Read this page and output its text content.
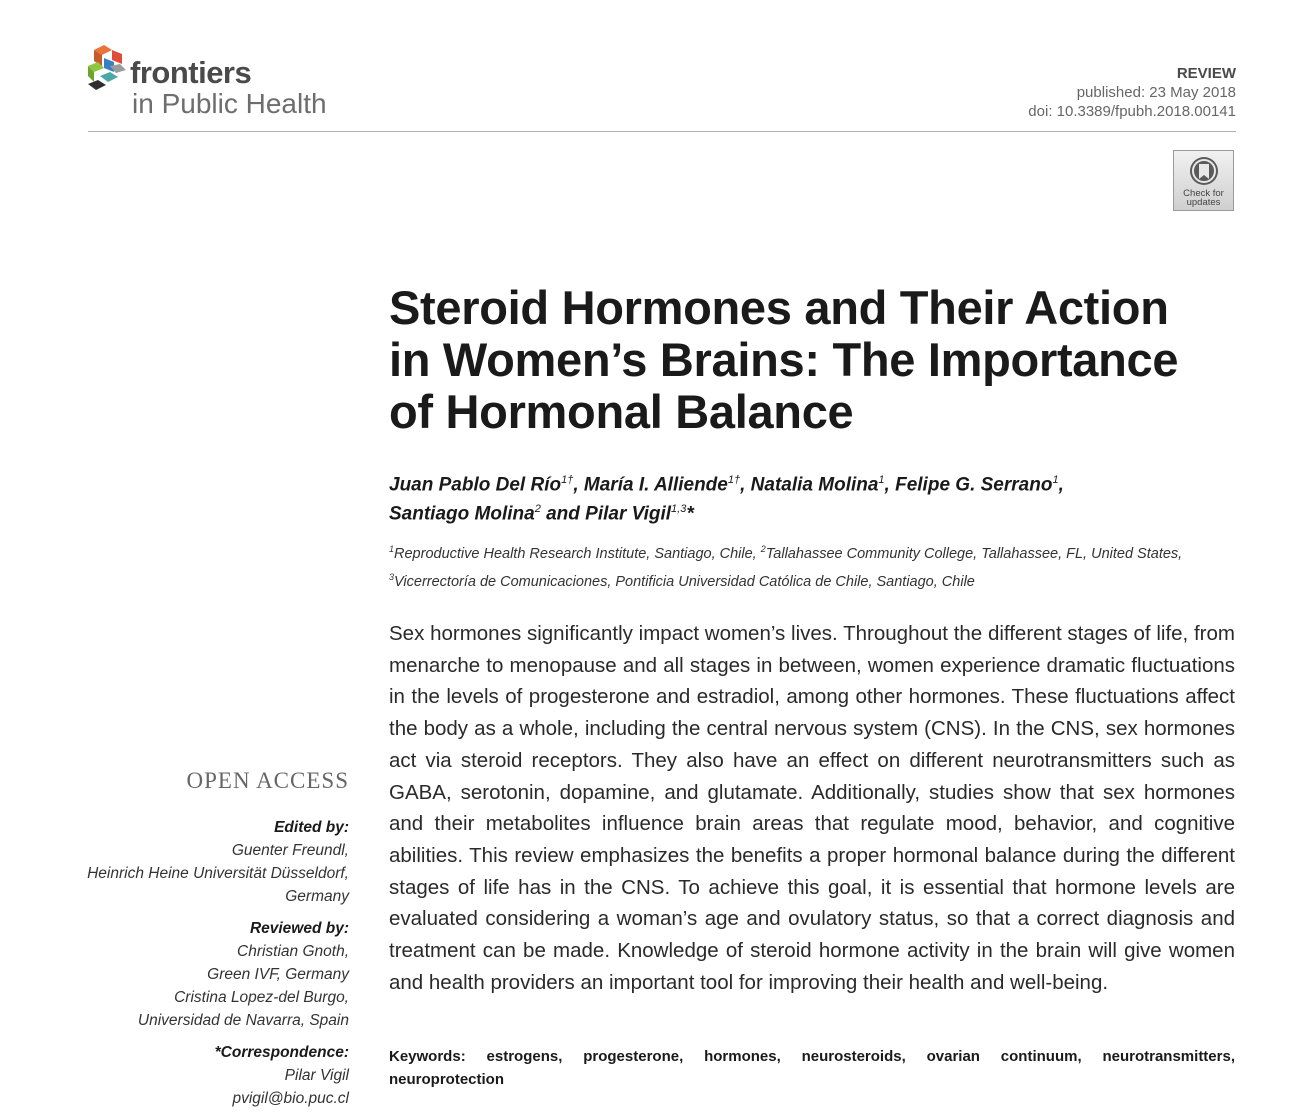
frontiers
in Public Health
REVIEW
published: 23 May 2018
doi: 10.3389/fpubh.2018.00141
Check for
updates
Steroid Hormones and Their Action
in Women’s Brains: The Importance
of Hormonal Balance

Juan Pablo Del Río$^{1\dagger}$, María I. Alliende$^{1\dagger}$, Natalia Molina$^1$, Felipe G. Serrano$^1$,
Santiago Molina$^2$ and Pilar Vigil$^{1,3}$*

$^1$Reproductive Health Research Institute, Santiago, Chile, $^2$Tallahassee Community College, Tallahassee, FL, United States,
$^3$Vicerrectoría de Comunicaciones, Pontificia Universidad Católica de Chile, Santiago, Chile

Sex hormones significantly impact women’s lives. Throughout the different stages of life, from menarche to menopause and all stages in between, women experience dramatic fluctuations in the levels of progesterone and estradiol, among other hormones. These fluctuations affect the body as a whole, including the central nervous system (CNS). In the CNS, sex hormones act via steroid receptors. They also have an effect on different neurotransmitters such as GABA, serotonin, dopamine, and glutamate. Additionally, studies show that sex hormones and their metabolites influence brain areas that regulate mood, behavior, and cognitive abilities. This review emphasizes the benefits a proper hormonal balance during the different stages of life has in the CNS. To achieve this goal, it is essential that hormone levels are evaluated considering a woman’s age and ovulatory status, so that a correct diagnosis and treatment can be made. Knowledge of steroid hormone activity in the brain will give women and health providers an important tool for improving their health and well-being.

Keywords: estrogens, progesterone, hormones, neurosteroids, ovarian continuum, neurotransmitters, neuroprotection

OPEN ACCESS

Edited by:

Guenter Freundl,

Heinrich Heine Universität Düsseldorf,

Germany

Reviewed by:

Christian Gnoth,

Green IVF, Germany

Cristina Lopez-del Burgo,

Universidad de Navarra, Spain

*Correspondence:

Pilar Vigil

pvigil@bio.puc.cl
